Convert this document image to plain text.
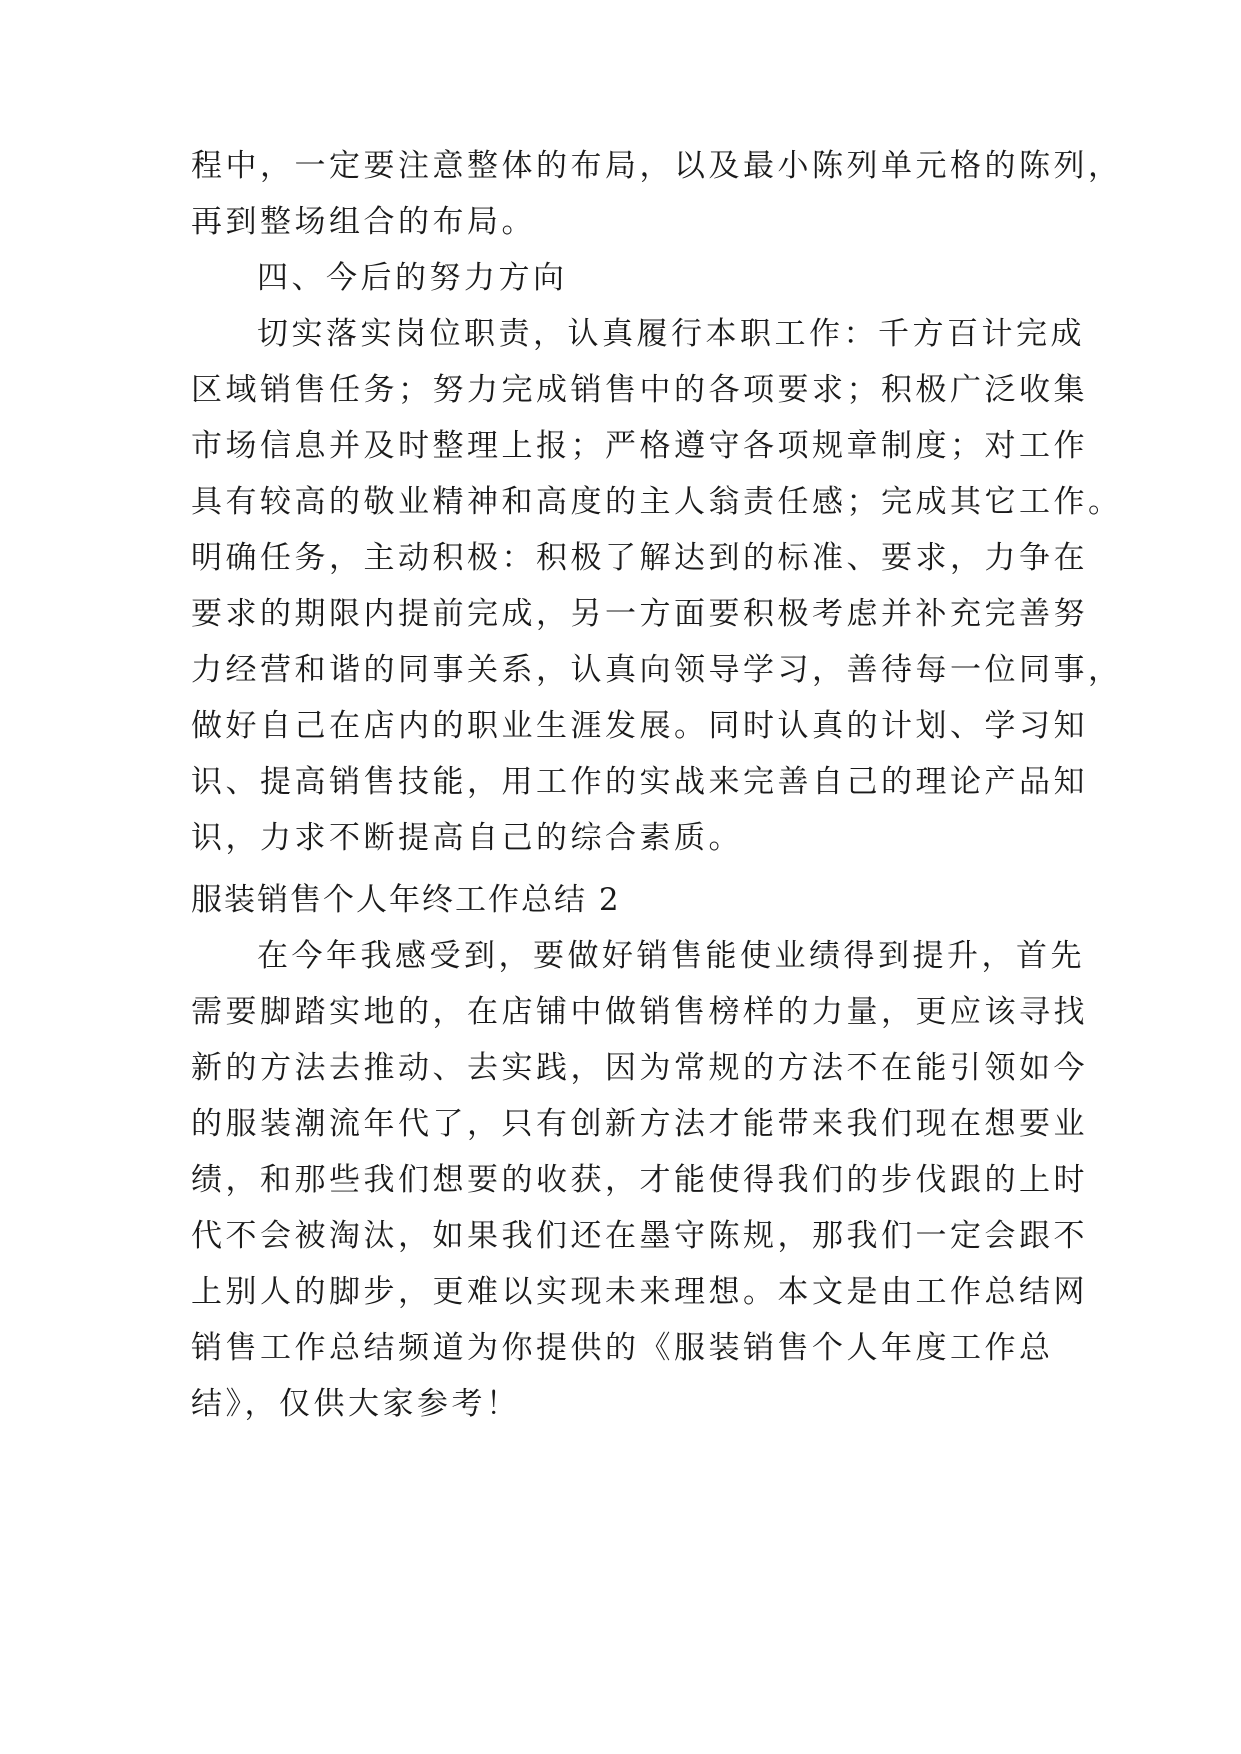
程中，一定要注意整体的布局，以及最小陈列单元格的陈列，
再到整场组合的布局。
四、今后的努力方向
切实落实岗位职责，认真履行本职工作：千方百计完成
区域销售任务；努力完成销售中的各项要求；积极广泛收集
市场信息并及时整理上报；严格遵守各项规章制度；对工作
具有较高的敬业精神和高度的主人翁责任感；完成其它工作。
明确任务，主动积极：积极了解达到的标准、要求，力争在
要求的期限内提前完成，另一方面要积极考虑并补充完善努
力经营和谐的同事关系，认真向领导学习，善待每一位同事，
做好自己在店内的职业生涯发展。同时认真的计划、学习知
识、提高销售技能，用工作的实战来完善自己的理论产品知
识，力求不断提高自己的综合素质。
服装销售个人年终工作总结 2
在今年我感受到，要做好销售能使业绩得到提升，首先
需要脚踏实地的，在店铺中做销售榜样的力量，更应该寻找
新的方法去推动、去实践，因为常规的方法不在能引领如今
的服装潮流年代了，只有创新方法才能带来我们现在想要业
绩，和那些我们想要的收获，才能使得我们的步伐跟的上时
代不会被淘汰，如果我们还在墨守陈规，那我们一定会跟不
上别人的脚步，更难以实现未来理想。本文是由工作总结网
销售工作总结频道为你提供的《服装销售个人年度工作总
结》，仅供大家参考！
